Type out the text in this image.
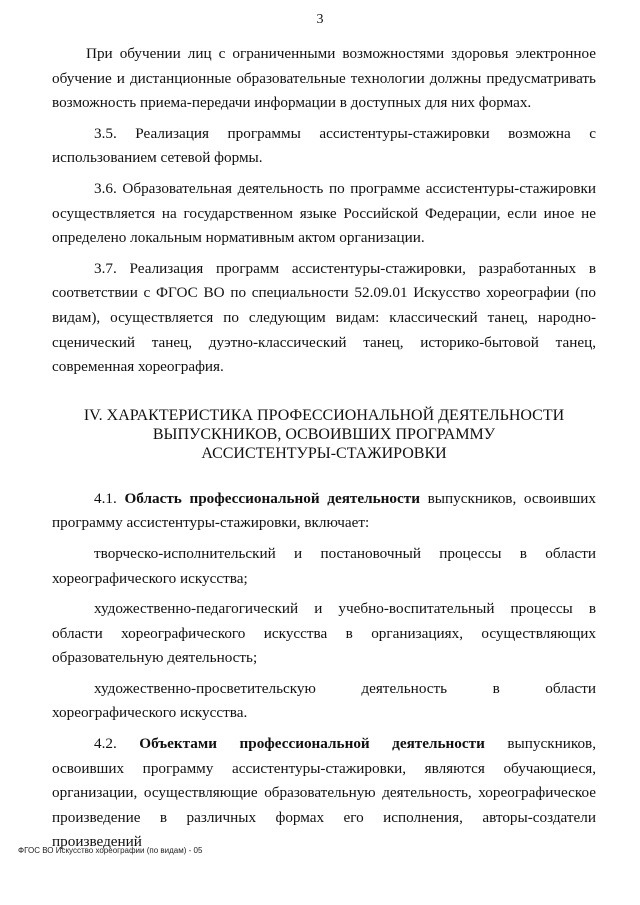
3

При обучении лиц с ограниченными возможностями здоровья электронное обучение и дистанционные образовательные технологии должны предусматривать возможность приема-передачи информации в доступных для них формах.

3.5. Реализация программы ассистентуры-стажировки возможна с использованием сетевой формы.

3.6. Образовательная деятельность по программе ассистентуры-стажировки осуществляется на государственном языке Российской Федерации, если иное не определено локальным нормативным актом организации.

3.7. Реализация программ ассистентуры-стажировки, разработанных в соответствии с ФГОС ВО по специальности 52.09.01 Искусство хореографии (по видам), осуществляется по следующим видам: классический танец, народно-сценический танец, дуэтно-классический танец, историко-бытовой танец, современная хореография.

IV. ХАРАКТЕРИСТИКА ПРОФЕССИОНАЛЬНОЙ ДЕЯТЕЛЬНОСТИ
ВЫПУСКНИКОВ, ОСВОИВШИХ ПРОГРАММУ
АССИСТЕНТУРЫ-СТАЖИРОВКИ

4.1. Область профессиональной деятельности выпускников, освоивших программу ассистентуры-стажировки, включает:

творческо-исполнительский и постановочный процессы в области хореографического искусства;

художественно-педагогический и учебно-воспитательный процессы в области хореографического искусства в организациях, осуществляющих образовательную деятельность;

художественно-просветительскую деятельность в области хореографического искусства.

4.2. Объектами профессиональной деятельности выпускников, освоивших программу ассистентуры-стажировки, являются обучающиеся, организации, осуществляющие образовательную деятельность, хореографическое произведение в различных формах его исполнения, авторы-создатели произведений

ФГОС ВО Искусство хореографии (по видам) - 05
